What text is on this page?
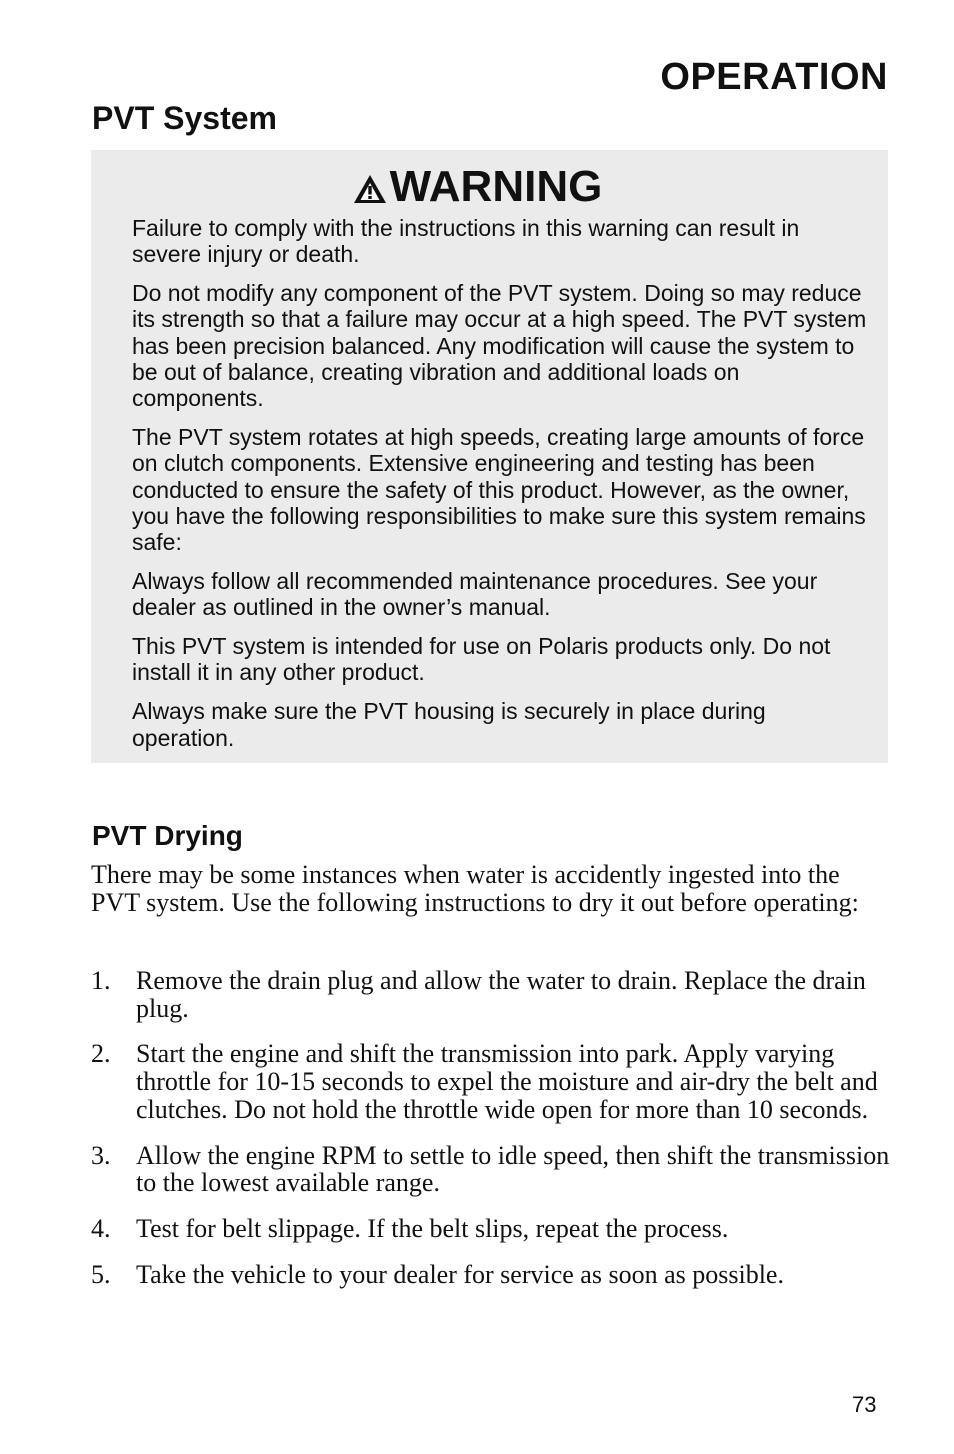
OPERATION
PVT System
WARNING

Failure to comply with the instructions in this warning can result in severe injury or death.

Do not modify any component of the PVT system. Doing so may reduce its strength so that a failure may occur at a high speed. The PVT system has been precision balanced. Any modification will cause the system to be out of balance, creating vibration and additional loads on components.

The PVT system rotates at high speeds, creating large amounts of force on clutch components. Extensive engineering and testing has been conducted to ensure the safety of this product. However, as the owner, you have the following responsibilities to make sure this system remains safe:

Always follow all recommended maintenance procedures. See your dealer as outlined in the owner’s manual.

This PVT system is intended for use on Polaris products only. Do not install it in any other product.

Always make sure the PVT housing is securely in place during operation.

PVT Drying

There may be some instances when water is accidently ingested into the PVT system. Use the following instructions to dry it out before operating:

1. Remove the drain plug and allow the water to drain. Replace the drain plug.
2. Start the engine and shift the transmission into park. Apply varying throttle for 10-15 seconds to expel the moisture and air-dry the belt and clutches. Do not hold the throttle wide open for more than 10 seconds.
3. Allow the engine RPM to settle to idle speed, then shift the transmission to the lowest available range.
4. Test for belt slippage. If the belt slips, repeat the process.
5. Take the vehicle to your dealer for service as soon as possible.
73
